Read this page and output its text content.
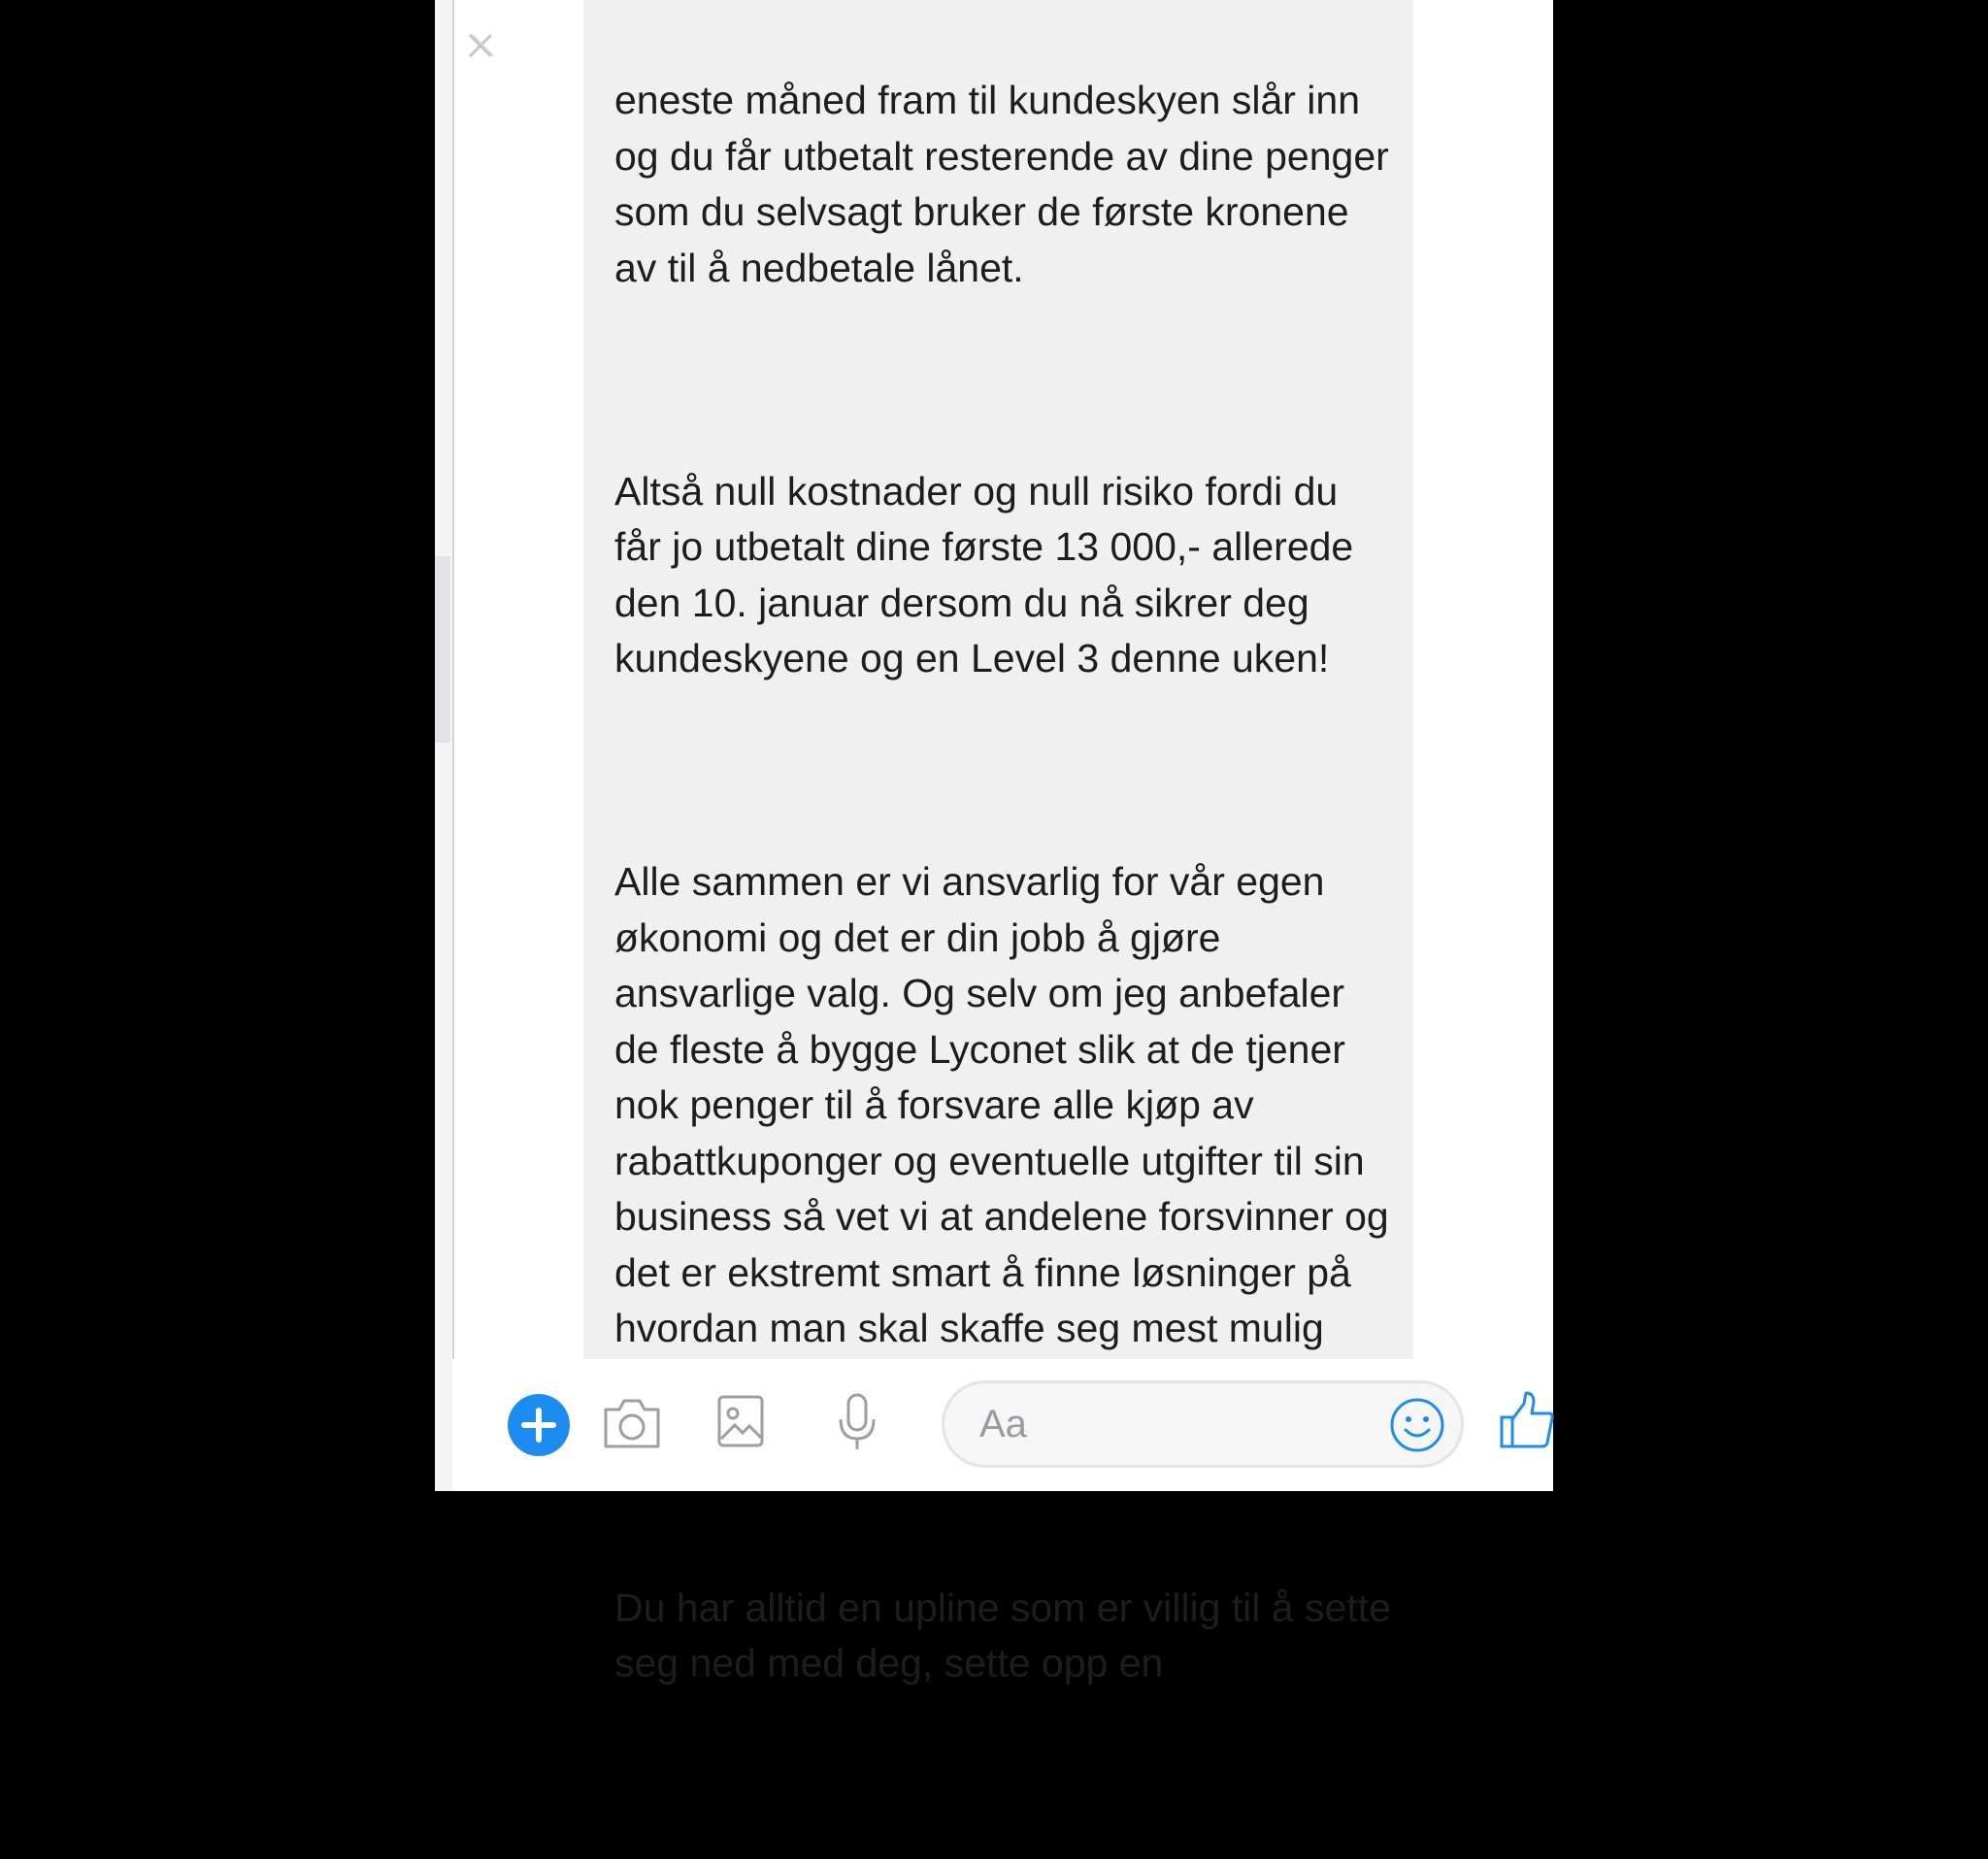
eneste måned fram til kundeskyen slår inn og du får utbetalt resterende av dine penger som du selvsagt bruker de første kronene av til å nedbetale lånet.

Altså null kostnader og null risiko fordi du får jo utbetalt dine første 13 000,- allerede den 10. januar dersom du nå sikrer deg kundeskyene og en Level 3 denne uken!

Alle sammen er vi ansvarlig for vår egen økonomi og det er din jobb å gjøre ansvarlige valg. Og selv om jeg anbefaler de fleste å bygge Lyconet slik at de tjener nok penger til å forsvare alle kjøp av rabattkuponger og eventuelle utgifter til sin business så vet vi at andelene forsvinner og det er ekstremt smart å finne løsninger på hvordan man skal skaffe seg mest mulig

Du har alltid en upline som er villig til å sette seg ned med deg, sette opp en

Aa
